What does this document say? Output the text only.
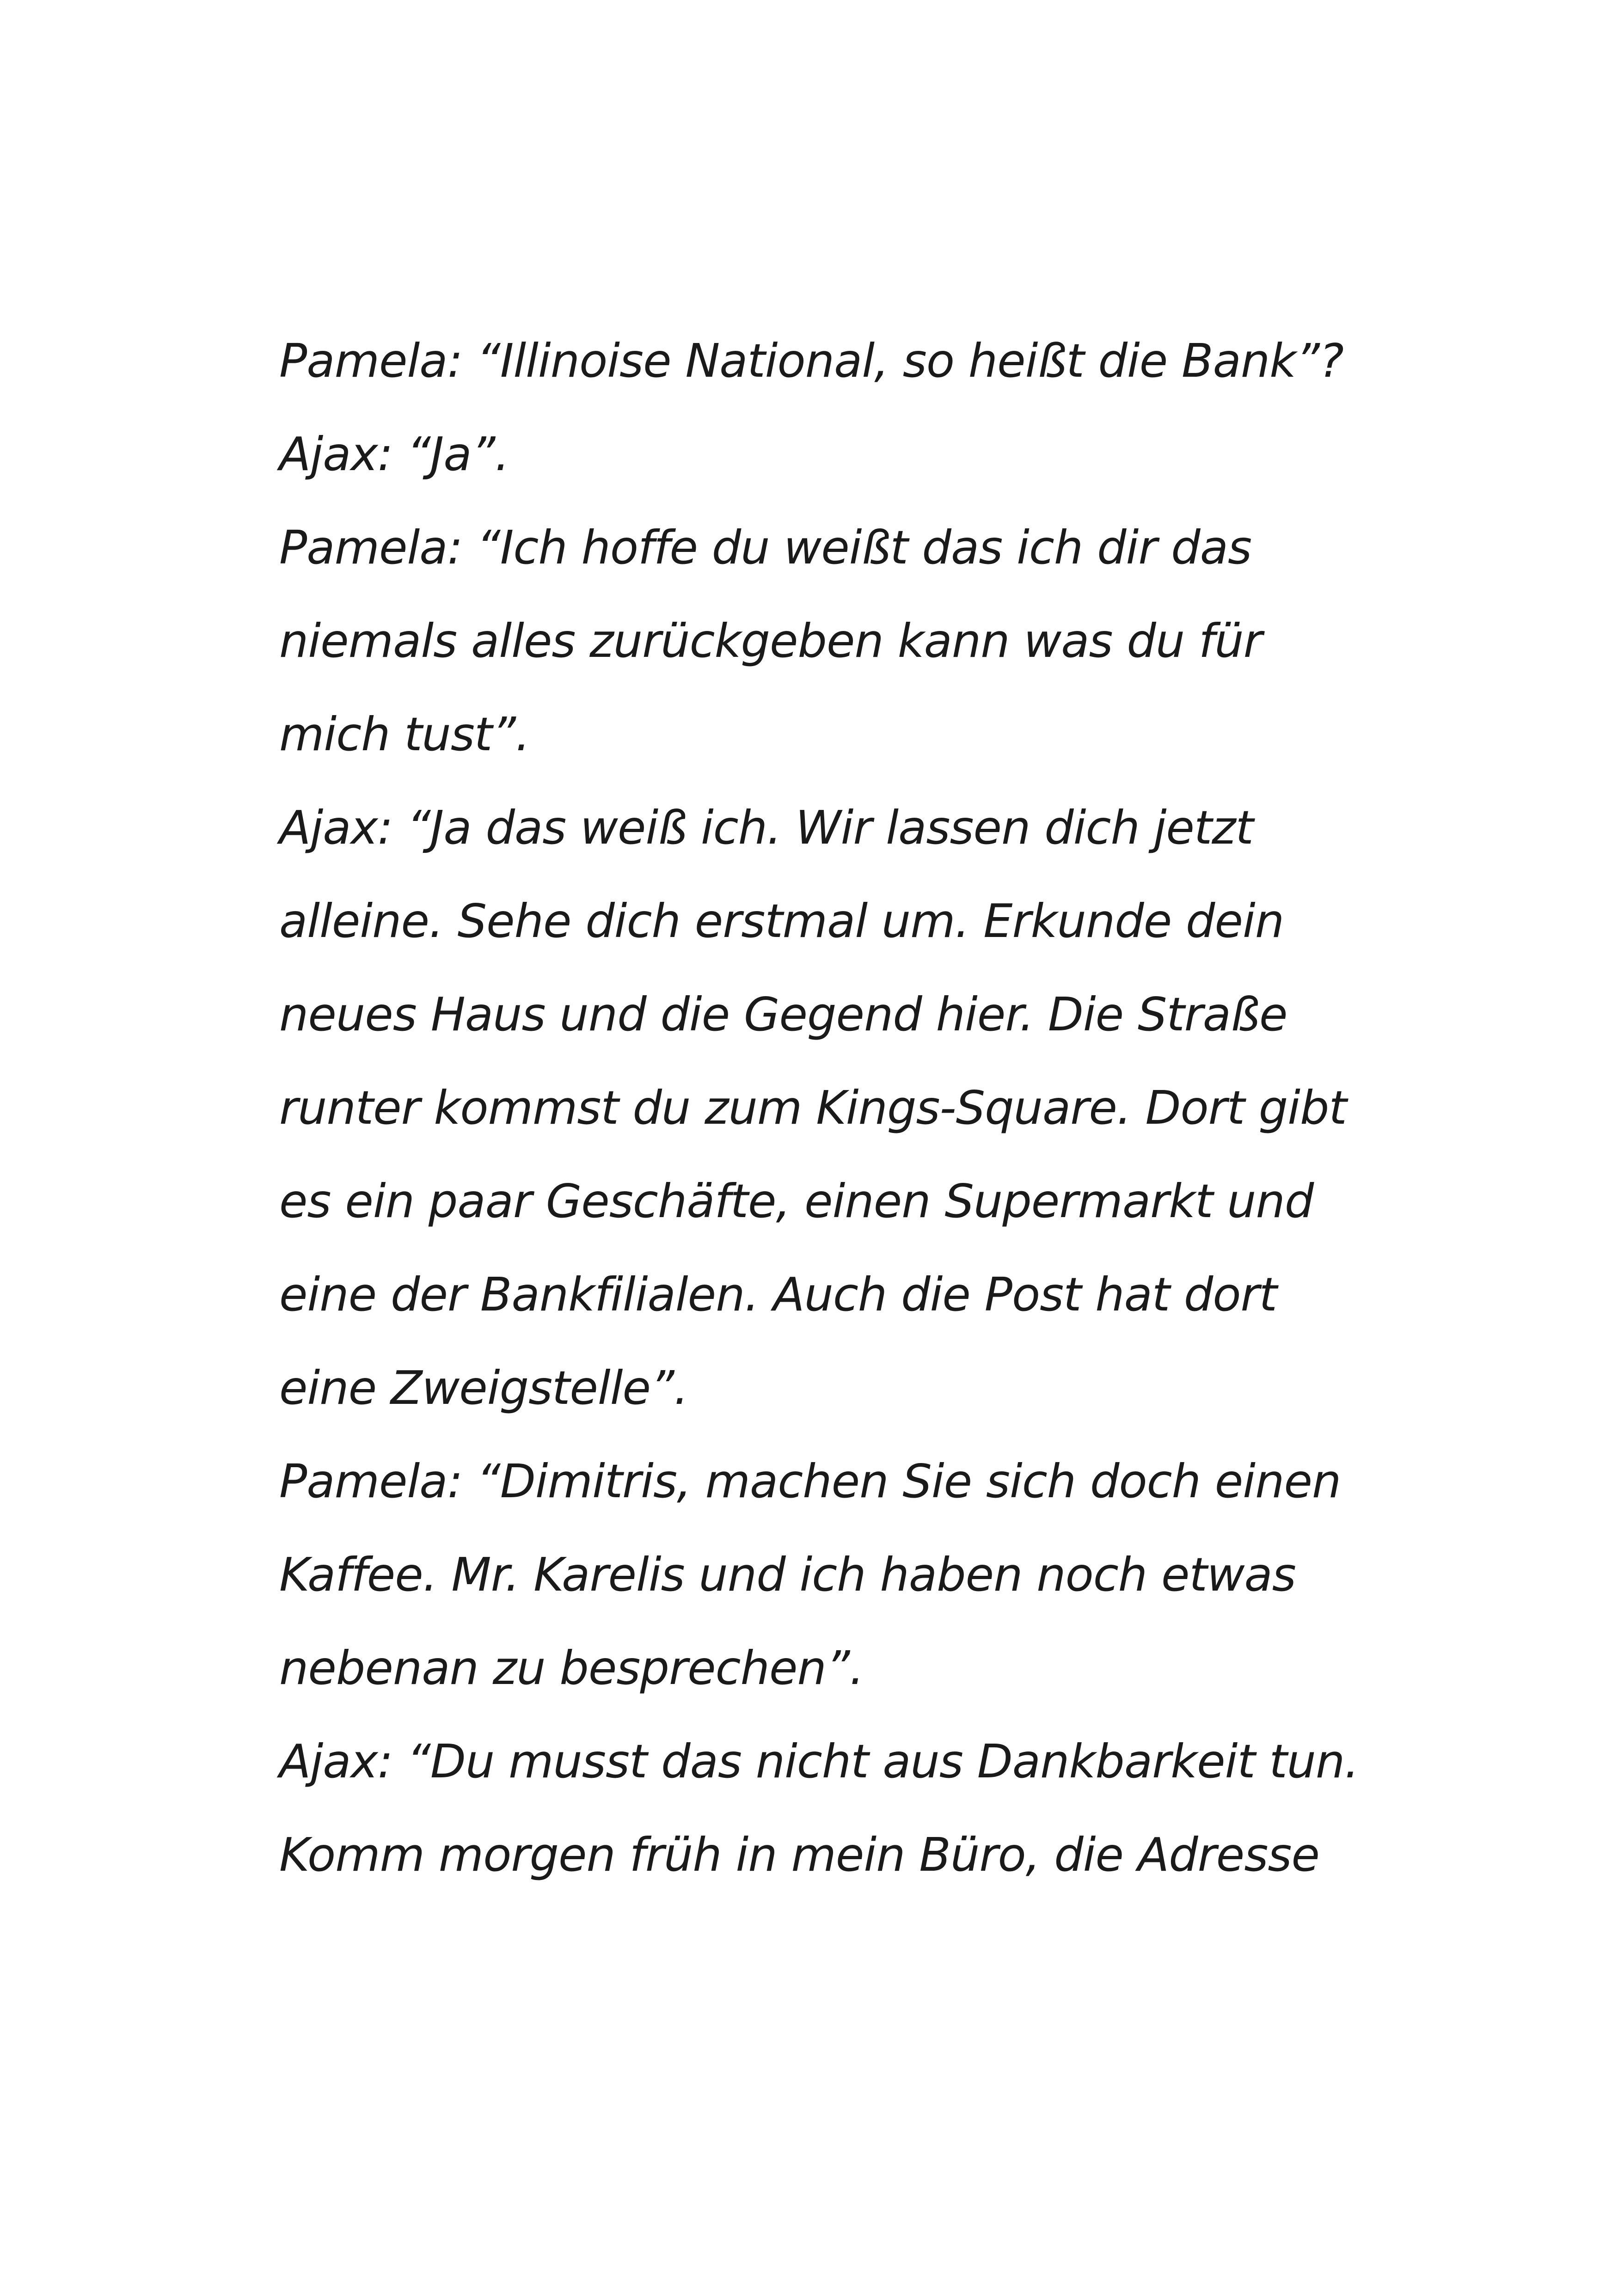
Pamela: “Illinoise National, so heißt die Bank”?
Ajax: “Ja”.
Pamela: “Ich hoffe du weißt das ich dir das
niemals alles zurückgeben kann was du für
mich tust”.
Ajax: “Ja das weiß ich. Wir lassen dich jetzt
alleine. Sehe dich erstmal um. Erkunde dein
neues Haus und die Gegend hier. Die Straße
runter kommst du zum Kings-Square. Dort gibt
es ein paar Geschäfte, einen Supermarkt und
eine der Bankfilialen. Auch die Post hat dort
eine Zweigstelle”.
Pamela: “Dimitris, machen Sie sich doch einen
Kaffee. Mr. Karelis und ich haben noch etwas
nebenan zu besprechen”.
Ajax: “Du musst das nicht aus Dankbarkeit tun.
Komm morgen früh in mein Büro, die Adresse
